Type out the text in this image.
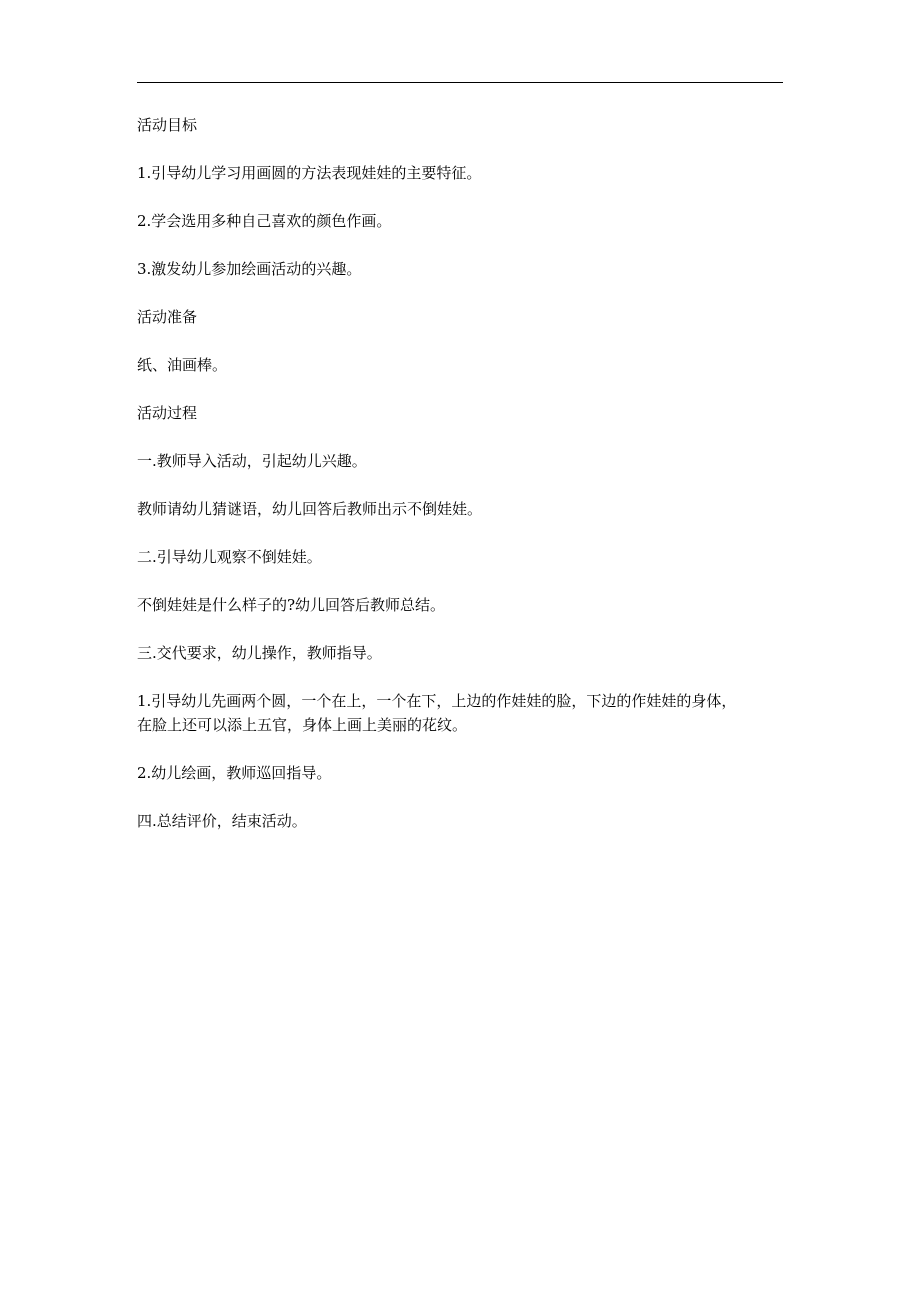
活动目标

1.引导幼儿学习用画圆的方法表现娃娃的主要特征。

2.学会选用多种自己喜欢的颜色作画。

3.激发幼儿参加绘画活动的兴趣。

活动准备

纸、油画棒。

活动过程

一.教师导入活动，引起幼儿兴趣。

教师请幼儿猜谜语，幼儿回答后教师出示不倒娃娃。

二.引导幼儿观察不倒娃娃。

不倒娃娃是什么样子的?幼儿回答后教师总结。

三.交代要求，幼儿操作，教师指导。

1.引导幼儿先画两个圆，一个在上，一个在下，上边的作娃娃的脸，下边的作娃娃的身体，

在脸上还可以添上五官，身体上画上美丽的花纹。

2.幼儿绘画，教师巡回指导。

四.总结评价，结束活动。
